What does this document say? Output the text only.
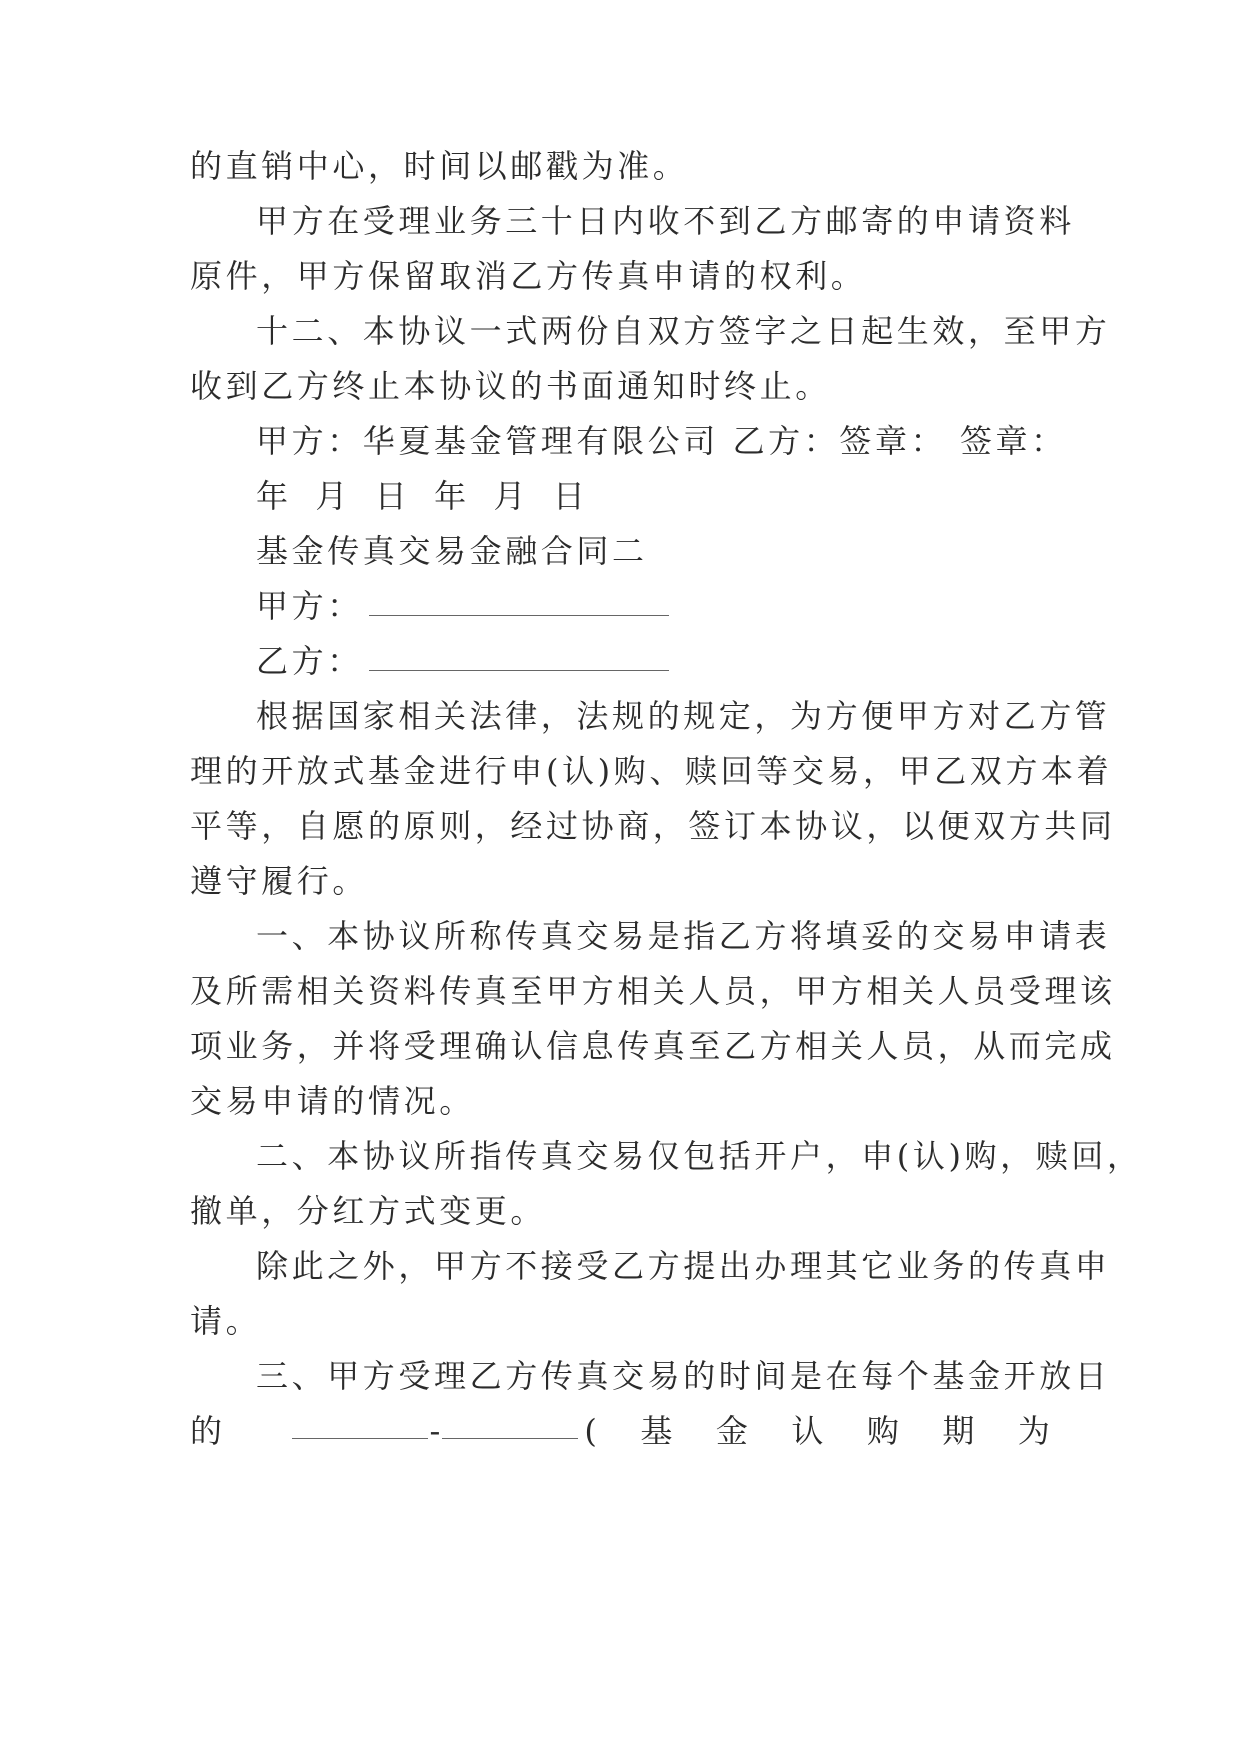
的直销中心，时间以邮戳为准。
甲方在受理业务三十日内收不到乙方邮寄的申请资料
原件，甲方保留取消乙方传真申请的权利。
十二、本协议一式两份自双方签字之日起生效，至甲方
收到乙方终止本协议的书面通知时终止。
甲方：华夏基金管理有限公司 乙方：签章： 签章：
年 月 日 年 月 日
基金传真交易金融合同二
甲方：
乙方：
根据国家相关法律，法规的规定，为方便甲方对乙方管
理的开放式基金进行申(认)购、赎回等交易，甲乙双方本着
平等，自愿的原则，经过协商，签订本协议，以便双方共同
遵守履行。
一、本协议所称传真交易是指乙方将填妥的交易申请表
及所需相关资料传真至甲方相关人员，甲方相关人员受理该
项业务，并将受理确认信息传真至乙方相关人员，从而完成
交易申请的情况。
二、本协议所指传真交易仅包括开户，申(认)购，赎回，
撤单，分红方式变更。
除此之外，甲方不接受乙方提出办理其它业务的传真申
请。
三、甲方受理乙方传真交易的时间是在每个基金开放日
的	-	( 基 金 认 购 期 为
